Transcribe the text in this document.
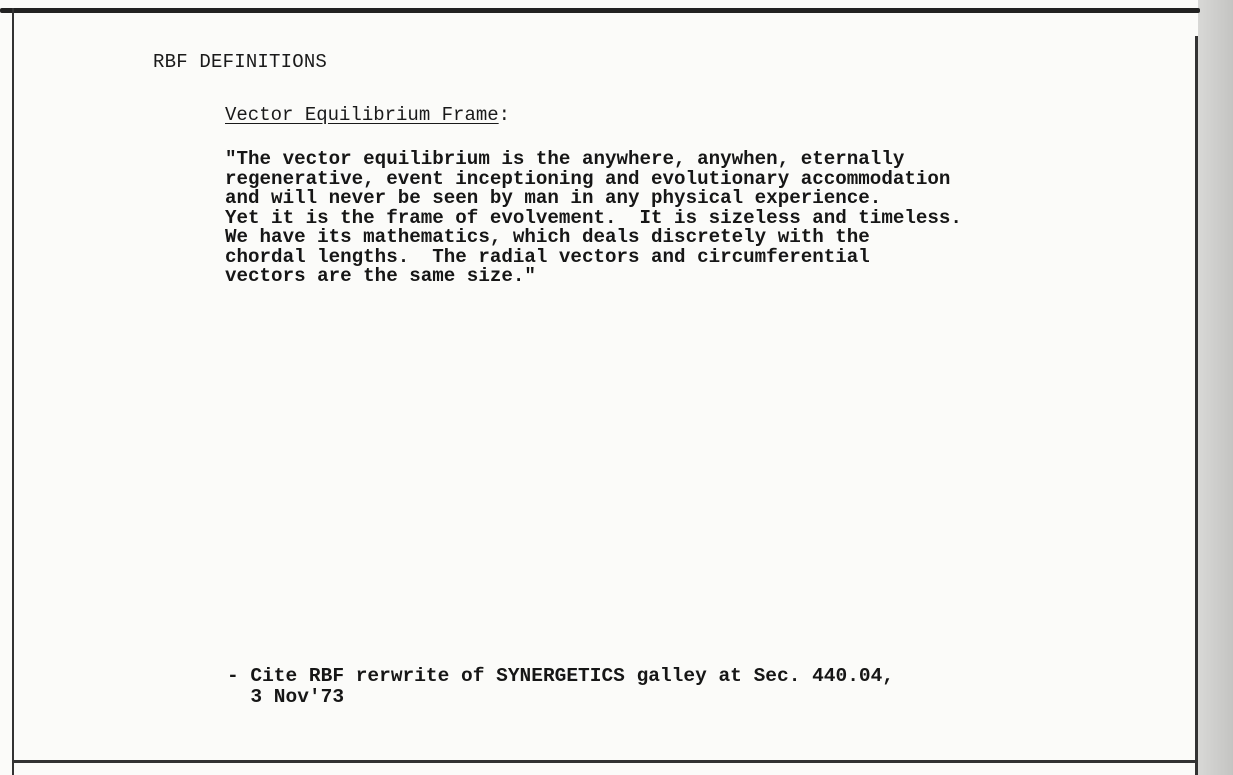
RBF DEFINITIONS

Vector Equilibrium Frame:

"The vector equilibrium is the anywhere, anywhen, eternally
regenerative, event inceptioning and evolutionary accommodation
and will never be seen by man in any physical experience.
Yet it is the frame of evolvement.  It is sizeless and timeless.
We have its mathematics, which deals discretely with the
chordal lengths.  The radial vectors and circumferential
vectors are the same size."
- Cite RBF rerwrite of SYNERGETICS galley at Sec. 440.04,
3 Nov'73
